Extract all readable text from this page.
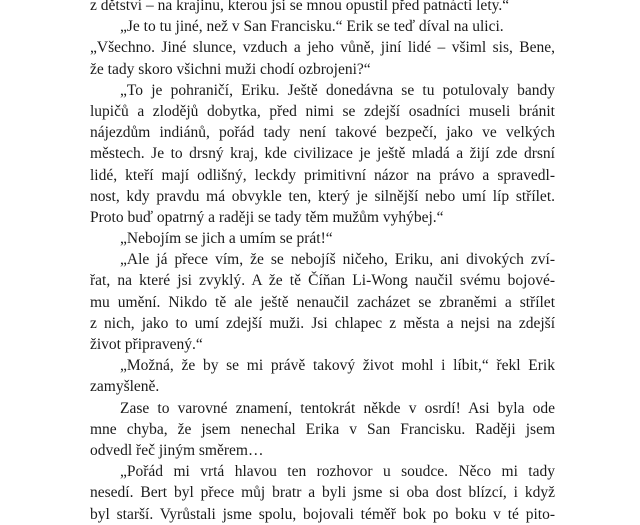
z dětství – na krajinu, kterou jsi se mnou opustil před patnácti lety.“
„Je to tu jiné, než v San Francisku.“ Erik se teď díval na ulici.
„Všechno. Jiné slunce, vzduch a jeho vůně, jiní lidé – všiml sis, Bene,
že tady skoro všichni muži chodí ozbrojeni?“
„To je pohraničí, Eriku. Ještě donedávna se tu potulovaly bandy
lupičů a zlodějů dobytka, před nimi se zdejší osadníci museli bránit
nájezdům indiánů, pořád tady není takové bezpečí, jako ve velkých
městech. Je to drsný kraj, kde civilizace je ještě mladá a žijí zde drsní
lidé, kteří mají odlišný, leckdy primitivní názor na právo a spravedl-
nost, kdy pravdu má obvykle ten, který je silnější nebo umí líp střílet.
Proto buď opatrný a raději se tady těm mužům vyhýbej.“
„Nebojím se jich a umím se prát!“
„Ale já přece vím, že se nebojíš ničeho, Eriku, ani divokých zví-
řat, na které jsi zvyklý. A že tě Číňan Li-Wong naučil svému bojové-
mu umění. Nikdo tě ale ještě nenaučil zacházet se zbraněmi a střílet
z nich, jako to umí zdejší muži. Jsi chlapec z města a nejsi na zdejší
život připravený.“
„Možná, že by se mi právě takový život mohl i líbit,“ řekl Erik
zamyšleně.
Zase to varovné znamení, tentokrát někde v osrdí! Asi byla ode
mne chyba, že jsem nenechal Erika v San Francisku. Raději jsem
odvedl řeč jiným směrem…
„Pořád mi vrtá hlavou ten rozhovor u soudce. Něco mi tady
nesedí. Bert byl přece můj bratr a byli jsme si oba dost blízcí, i když
byl starší. Vyrůstali jsme spolu, bojovali téměř bok po boku v té pito-
